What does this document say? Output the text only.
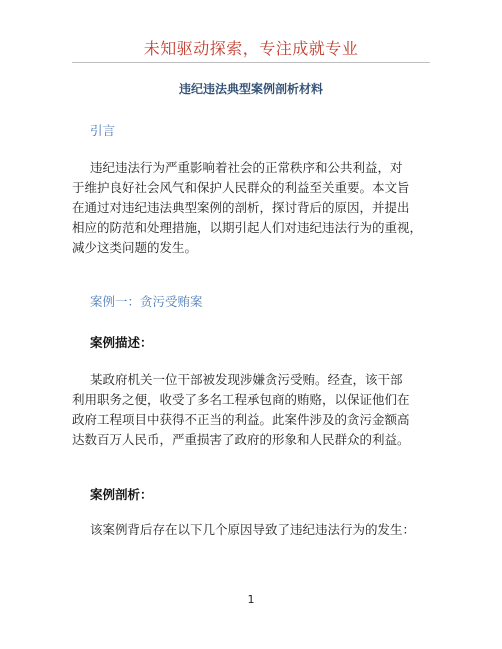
未知驱动探索，专注成就专业
违纪违法典型案例剖析材料
引言
违纪违法行为严重影响着社会的正常秩序和公共利益，对
于维护良好社会风气和保护人民群众的利益至关重要。本文旨
在通过对违纪违法典型案例的剖析，探讨背后的原因，并提出
相应的防范和处理措施，以期引起人们对违纪违法行为的重视，
减少这类问题的发生。
案例一：贪污受贿案
案例描述：
某政府机关一位干部被发现涉嫌贪污受贿。经查，该干部
利用职务之便，收受了多名工程承包商的贿赂，以保证他们在
政府工程项目中获得不正当的利益。此案件涉及的贪污金额高
达数百万人民币，严重损害了政府的形象和人民群众的利益。
案例剖析：
该案例背后存在以下几个原因导致了违纪违法行为的发生：
1
